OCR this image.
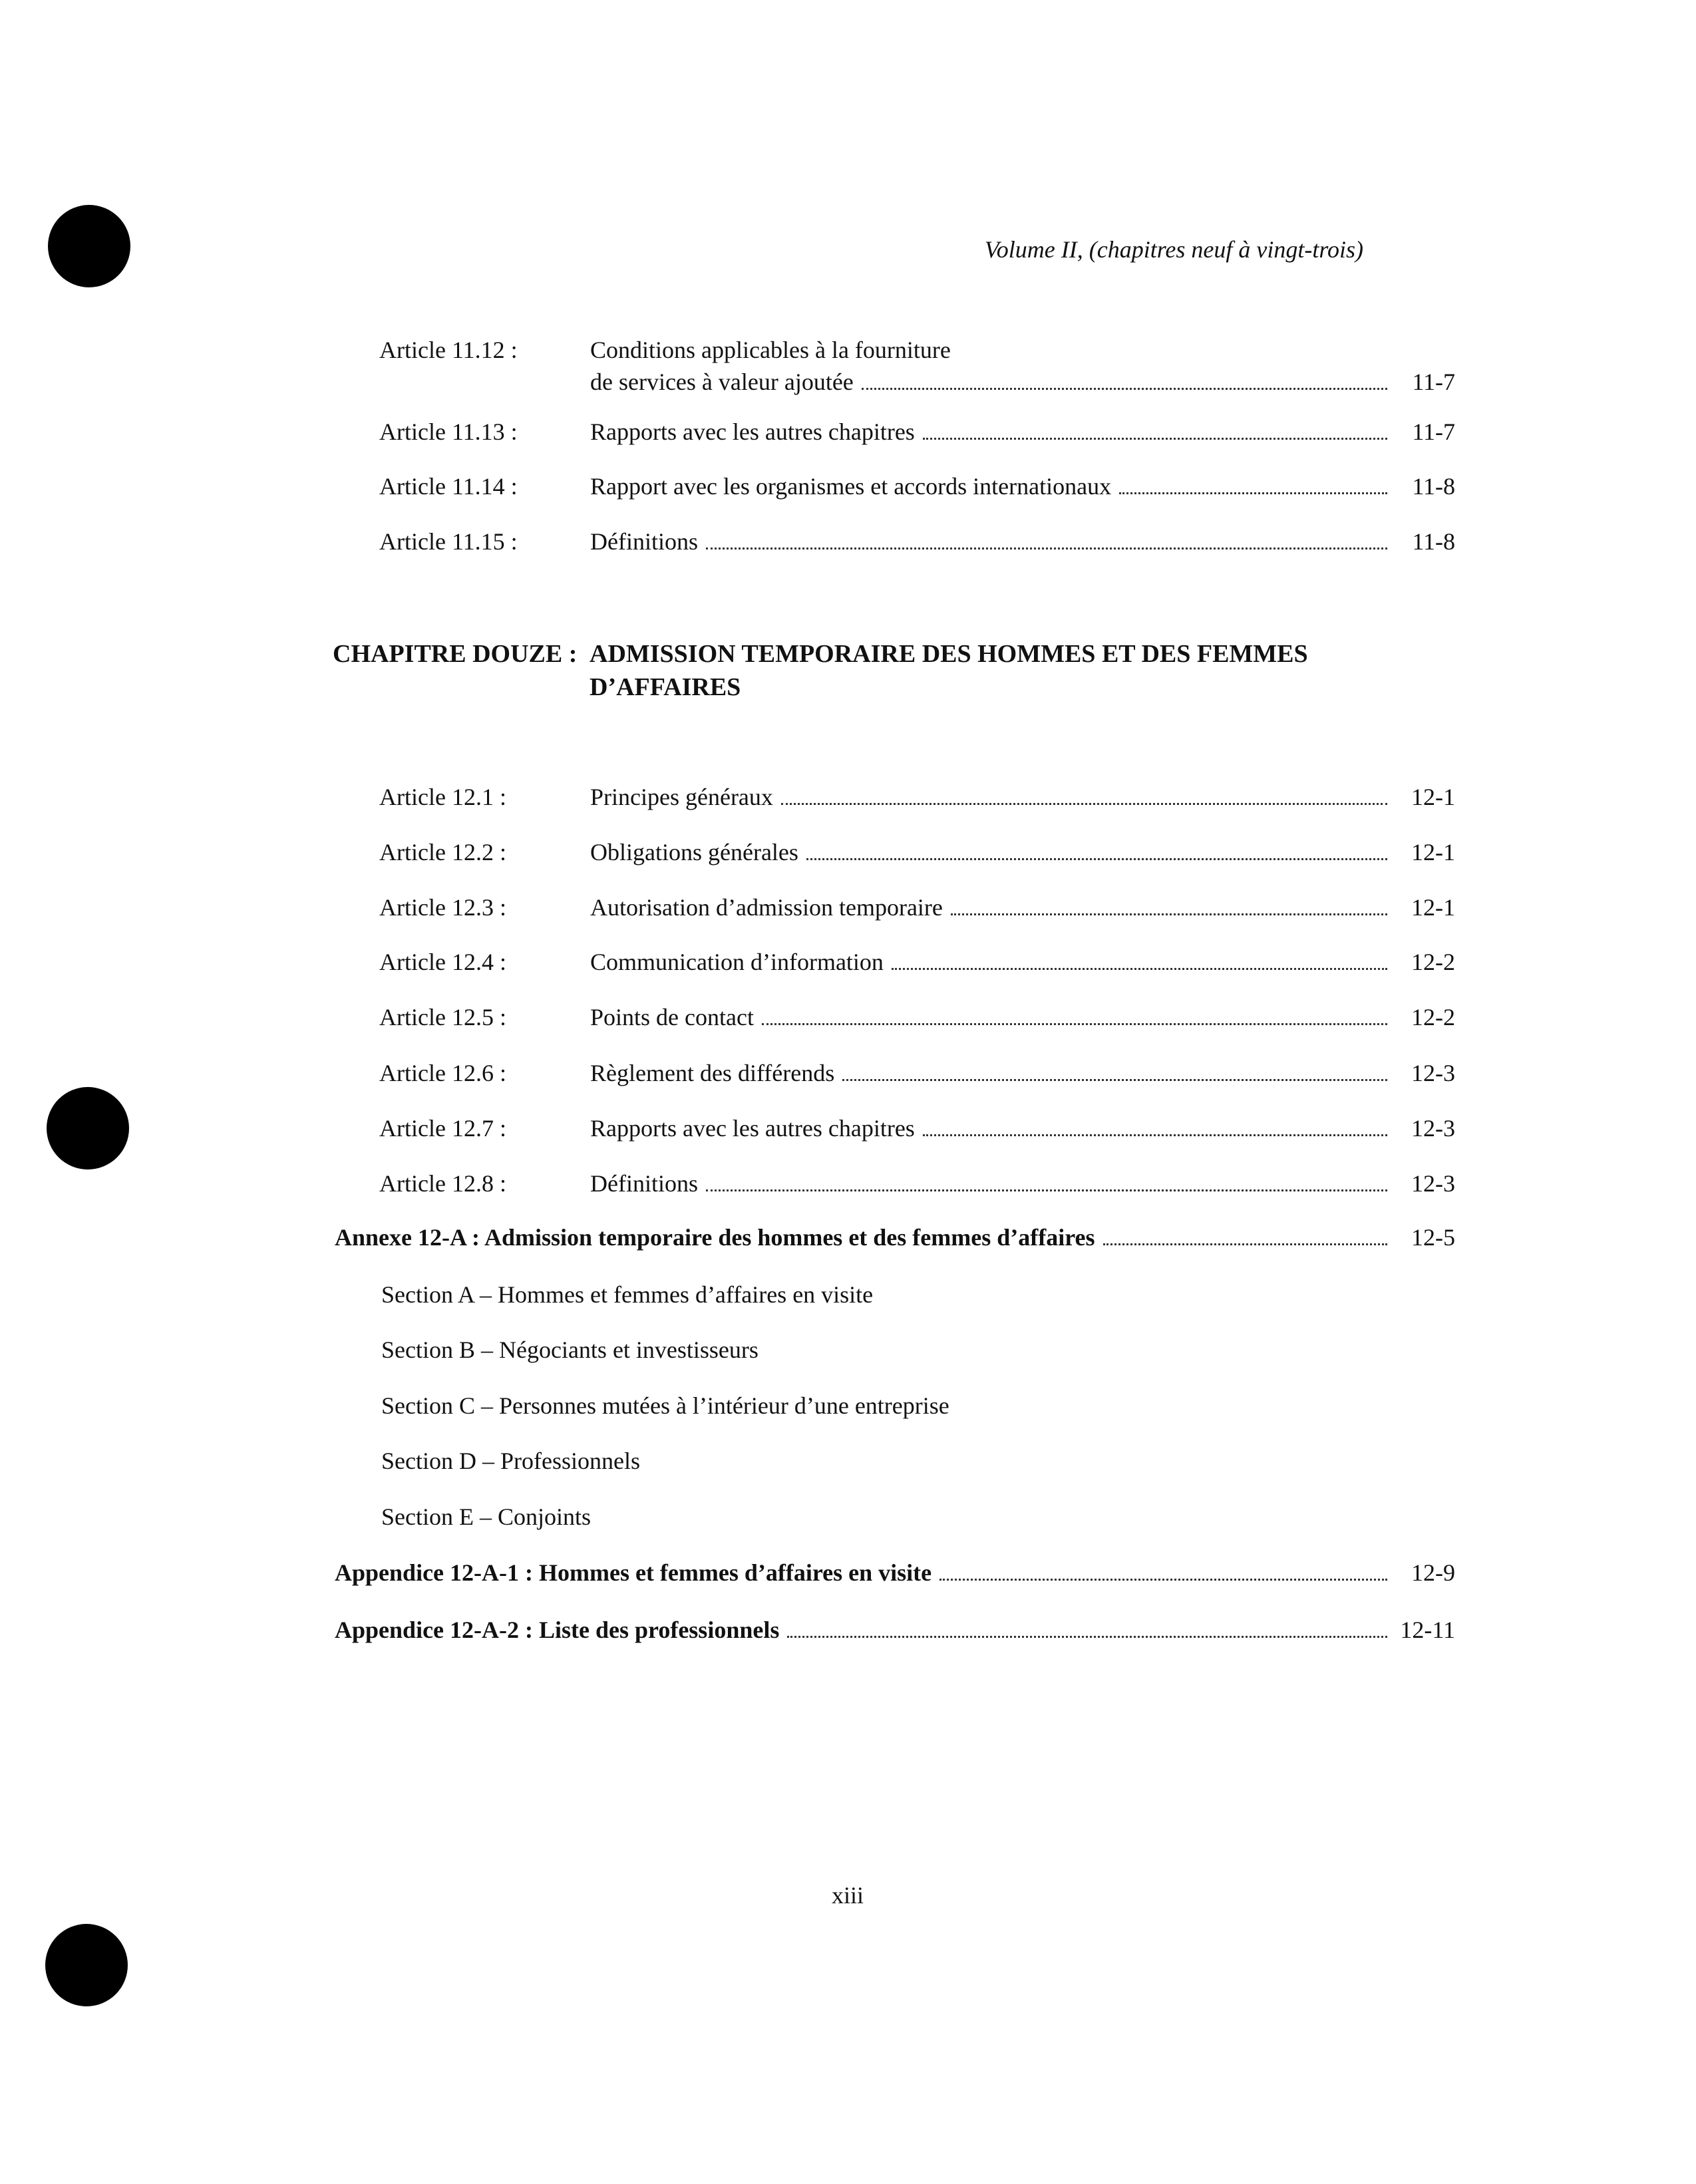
Volume II, (chapitres neuf à vingt-trois)
Article 11.12 :	Conditions applicables à la fourniture
de services à valeur ajoutée	11-7
Article 11.13 :	Rapports avec les autres chapitres	11-7
Article 11.14 :	Rapport avec les organismes et accords internationaux	11-8
Article 11.15 :	Définitions	11-8
CHAPITRE DOUZE : ADMISSION TEMPORAIRE DES HOMMES ET DES FEMMES D’AFFAIRES
Article 12.1 :	Principes généraux	12-1
Article 12.2 :	Obligations générales	12-1
Article 12.3 :	Autorisation d’admission temporaire	12-1
Article 12.4 :	Communication d’information	12-2
Article 12.5 :	Points de contact	12-2
Article 12.6 :	Règlement des différends	12-3
Article 12.7 :	Rapports avec les autres chapitres	12-3
Article 12.8 :	Définitions	12-3
Annexe 12-A : Admission temporaire des hommes et des femmes d’affaires	12-5
Section A – Hommes et femmes d’affaires en visite
Section B – Négociants et investisseurs
Section C – Personnes mutées à l’intérieur d’une entreprise
Section D – Professionnels
Section E – Conjoints
Appendice 12-A-1 : Hommes et femmes d’affaires en visite	12-9
Appendice 12-A-2 : Liste des professionnels	12-11
xiii
